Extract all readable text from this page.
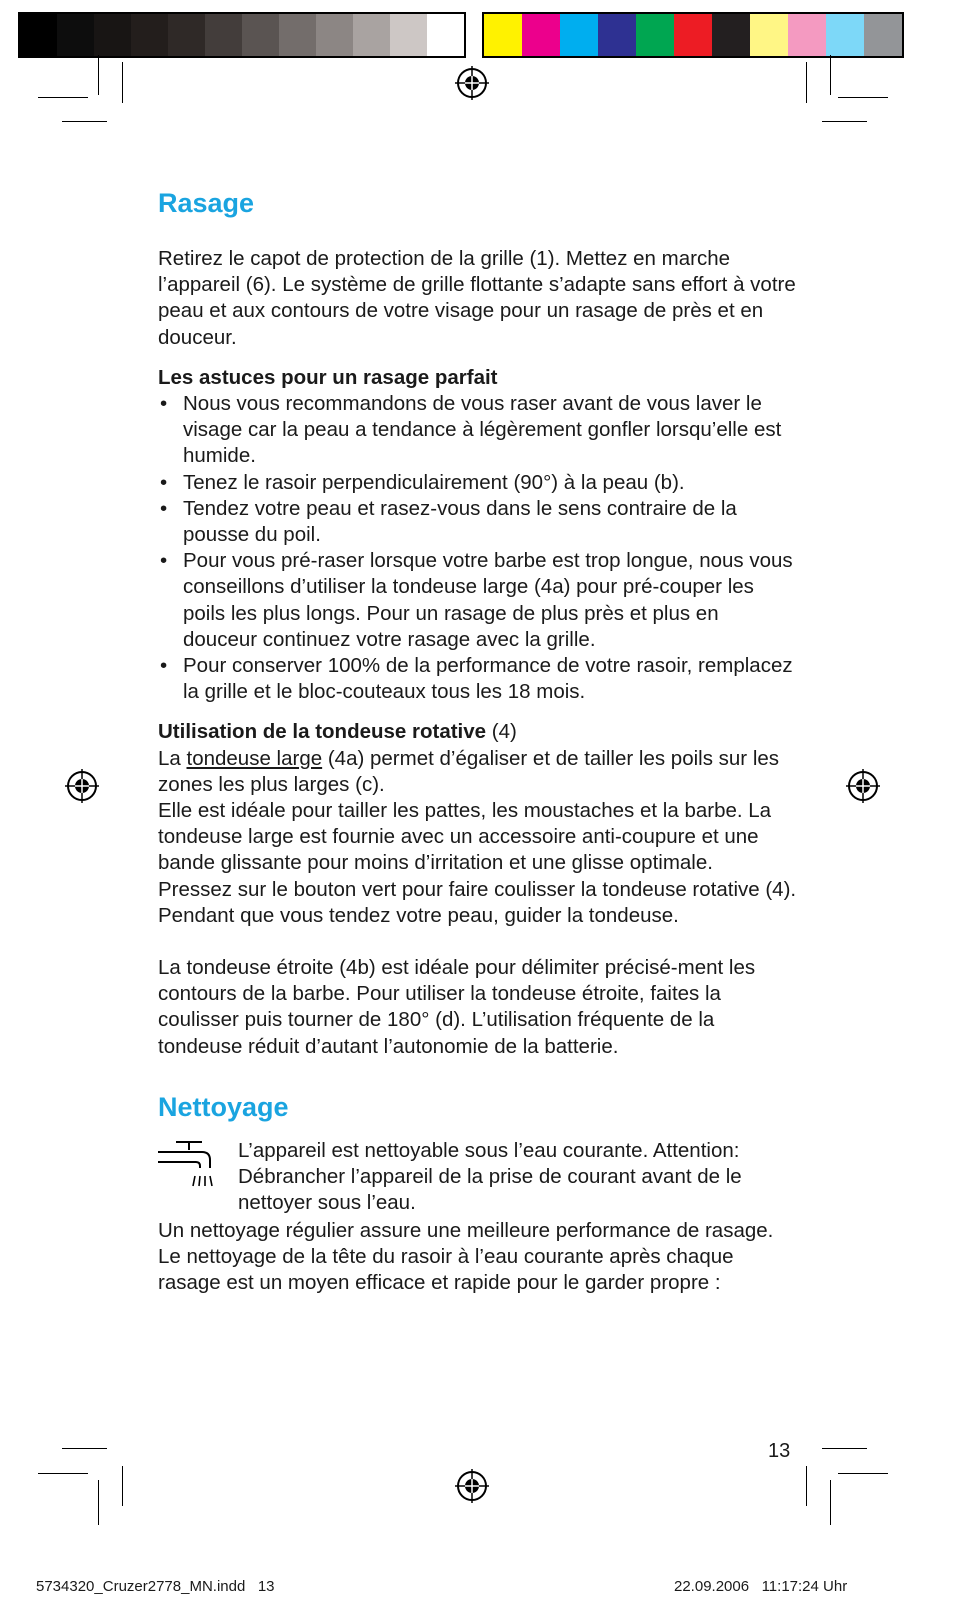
Rasage

Retirez le capot de protection de la grille (1). Mettez en marche l’appareil (6). Le système de grille flottante s’adapte sans effort à votre peau et aux contours de votre visage pour un rasage de près et en douceur.

Les astuces pour un rasage parfait

• Nous vous recommandons de vous raser avant de vous laver le visage car la peau a tendance à légèrement gonfler lorsqu’elle est humide.
• Tenez le rasoir perpendiculairement (90°) à la peau (b).
• Tendez votre peau et rasez-vous dans le sens contraire de la pousse du poil.
• Pour vous pré-raser lorsque votre barbe est trop longue, nous vous conseillons d’utiliser la tondeuse large (4a) pour pré-couper les poils les plus longs. Pour un rasage de plus près et plus en douceur continuez votre rasage avec la grille.
• Pour conserver 100% de la performance de votre rasoir, remplacez la grille et le bloc-couteaux tous les 18 mois.

Utilisation de la tondeuse rotative (4)

La tondeuse large (4a) permet d’égaliser et de tailler les poils sur les zones les plus larges (c).

Elle est idéale pour tailler les pattes, les moustaches et la barbe. La tondeuse large est fournie avec un accessoire anti-coupure et une bande glissante pour moins d’irritation et une glisse optimale.

Pressez sur le bouton vert pour faire coulisser la tondeuse rotative (4).

Pendant que vous tendez votre peau, guider la tondeuse.

La tondeuse étroite (4b) est idéale pour délimiter précisé-ment les contours de la barbe. Pour utiliser la tondeuse étroite, faites la coulisser puis tourner de 180° (d). L’utilisation fréquente de la tondeuse réduit d’autant l’autonomie de la batterie.

Nettoyage

L’appareil est nettoyable sous l’eau courante. Attention: Débrancher l’appareil de la prise de courant avant de le nettoyer sous l’eau.

Un nettoyage régulier assure une meilleure performance de rasage. Le nettoyage de la tête du rasoir à l’eau courante après chaque rasage est un moyen efficace et rapide pour le garder propre :

13
5734320_Cruzer2778_MN.indd   13	22.09.2006   11:17:24 Uhr
